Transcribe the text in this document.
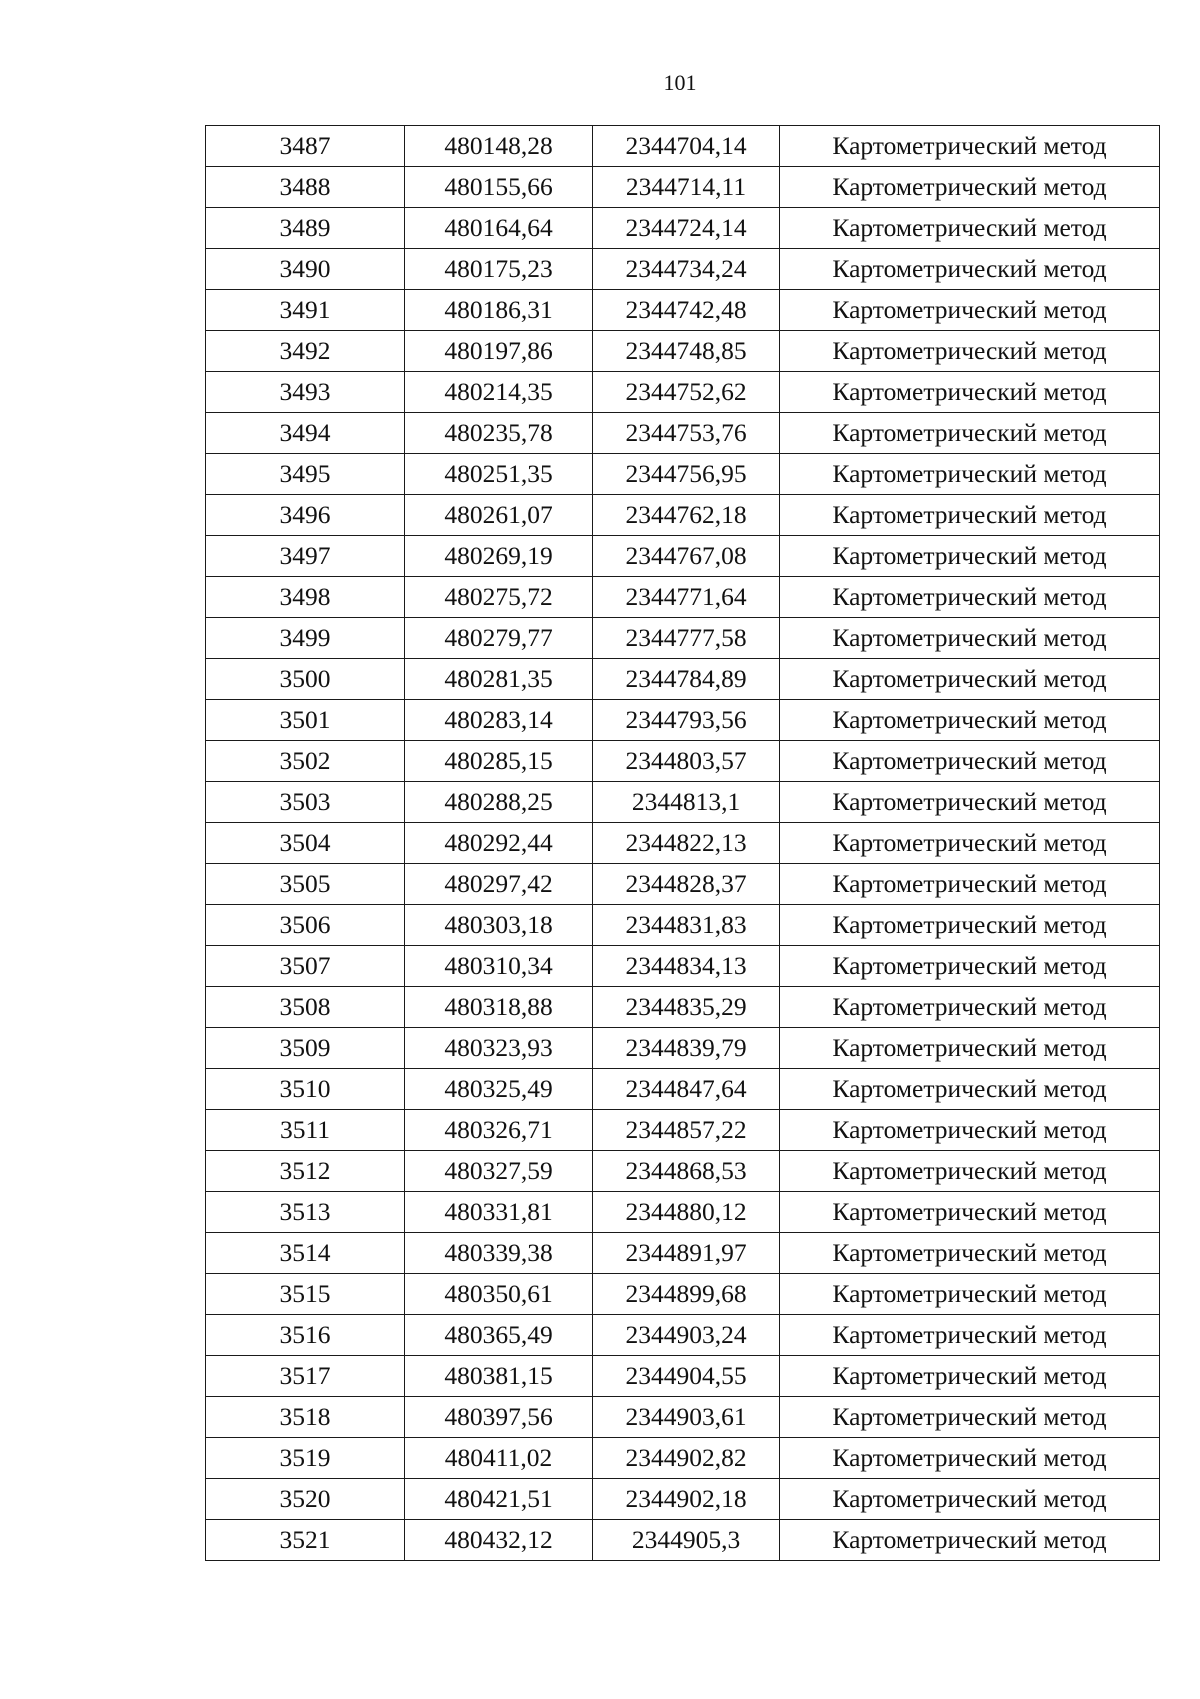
101
3487	480148,28	2344704,14	Картометрический метод
3488	480155,66	2344714,11	Картометрический метод
3489	480164,64	2344724,14	Картометрический метод
3490	480175,23	2344734,24	Картометрический метод
3491	480186,31	2344742,48	Картометрический метод
3492	480197,86	2344748,85	Картометрический метод
3493	480214,35	2344752,62	Картометрический метод
3494	480235,78	2344753,76	Картометрический метод
3495	480251,35	2344756,95	Картометрический метод
3496	480261,07	2344762,18	Картометрический метод
3497	480269,19	2344767,08	Картометрический метод
3498	480275,72	2344771,64	Картометрический метод
3499	480279,77	2344777,58	Картометрический метод
3500	480281,35	2344784,89	Картометрический метод
3501	480283,14	2344793,56	Картометрический метод
3502	480285,15	2344803,57	Картометрический метод
3503	480288,25	2344813,1	Картометрический метод
3504	480292,44	2344822,13	Картометрический метод
3505	480297,42	2344828,37	Картометрический метод
3506	480303,18	2344831,83	Картометрический метод
3507	480310,34	2344834,13	Картометрический метод
3508	480318,88	2344835,29	Картометрический метод
3509	480323,93	2344839,79	Картометрический метод
3510	480325,49	2344847,64	Картометрический метод
3511	480326,71	2344857,22	Картометрический метод
3512	480327,59	2344868,53	Картометрический метод
3513	480331,81	2344880,12	Картометрический метод
3514	480339,38	2344891,97	Картометрический метод
3515	480350,61	2344899,68	Картометрический метод
3516	480365,49	2344903,24	Картометрический метод
3517	480381,15	2344904,55	Картометрический метод
3518	480397,56	2344903,61	Картометрический метод
3519	480411,02	2344902,82	Картометрический метод
3520	480421,51	2344902,18	Картометрический метод
3521	480432,12	2344905,3	Картометрический метод
